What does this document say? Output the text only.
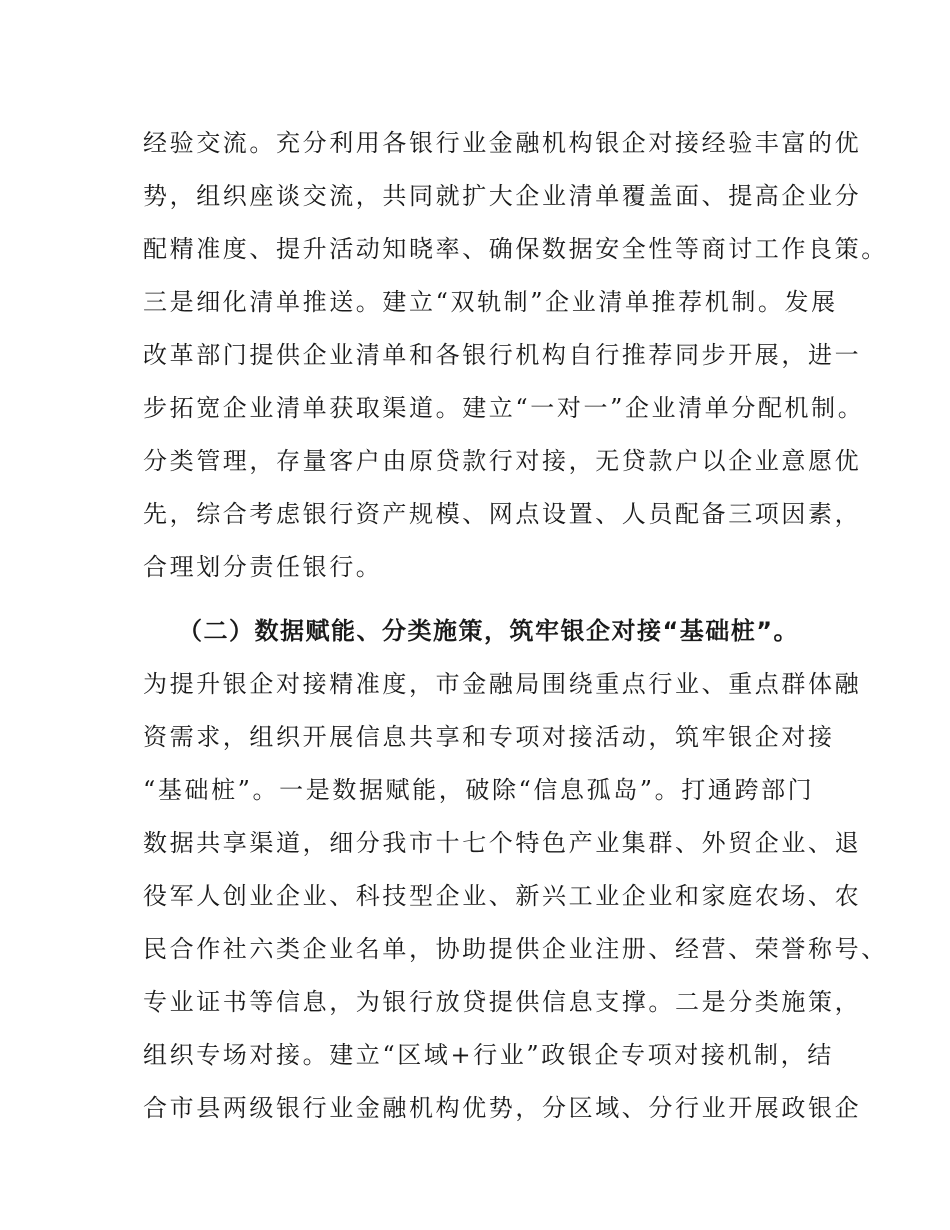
经验交流。充分利用各银行业金融机构银企对接经验丰富的优
势，组织座谈交流，共同就扩大企业清单覆盖面、提高企业分
配精准度、提升活动知晓率、确保数据安全性等商讨工作良策。
三是细化清单推送。建立“双轨制”企业清单推荐机制。发展
改革部门提供企业清单和各银行机构自行推荐同步开展，进一
步拓宽企业清单获取渠道。建立“一对一”企业清单分配机制。
分类管理，存量客户由原贷款行对接，无贷款户以企业意愿优
先，综合考虑银行资产规模、网点设置、人员配备三项因素，
合理划分责任银行。
（二）数据赋能、分类施策，筑牢银企对接“基础桩”。
为提升银企对接精准度，市金融局围绕重点行业、重点群体融
资需求，组织开展信息共享和专项对接活动，筑牢银企对接
“基础桩”。一是数据赋能，破除“信息孤岛”。打通跨部门
数据共享渠道，细分我市十七个特色产业集群、外贸企业、退
役军人创业企业、科技型企业、新兴工业企业和家庭农场、农
民合作社六类企业名单，协助提供企业注册、经营、荣誉称号、
专业证书等信息，为银行放贷提供信息支撑。二是分类施策，
组织专场对接。建立“区域+行业”政银企专项对接机制，结
合市县两级银行业金融机构优势，分区域、分行业开展政银企
